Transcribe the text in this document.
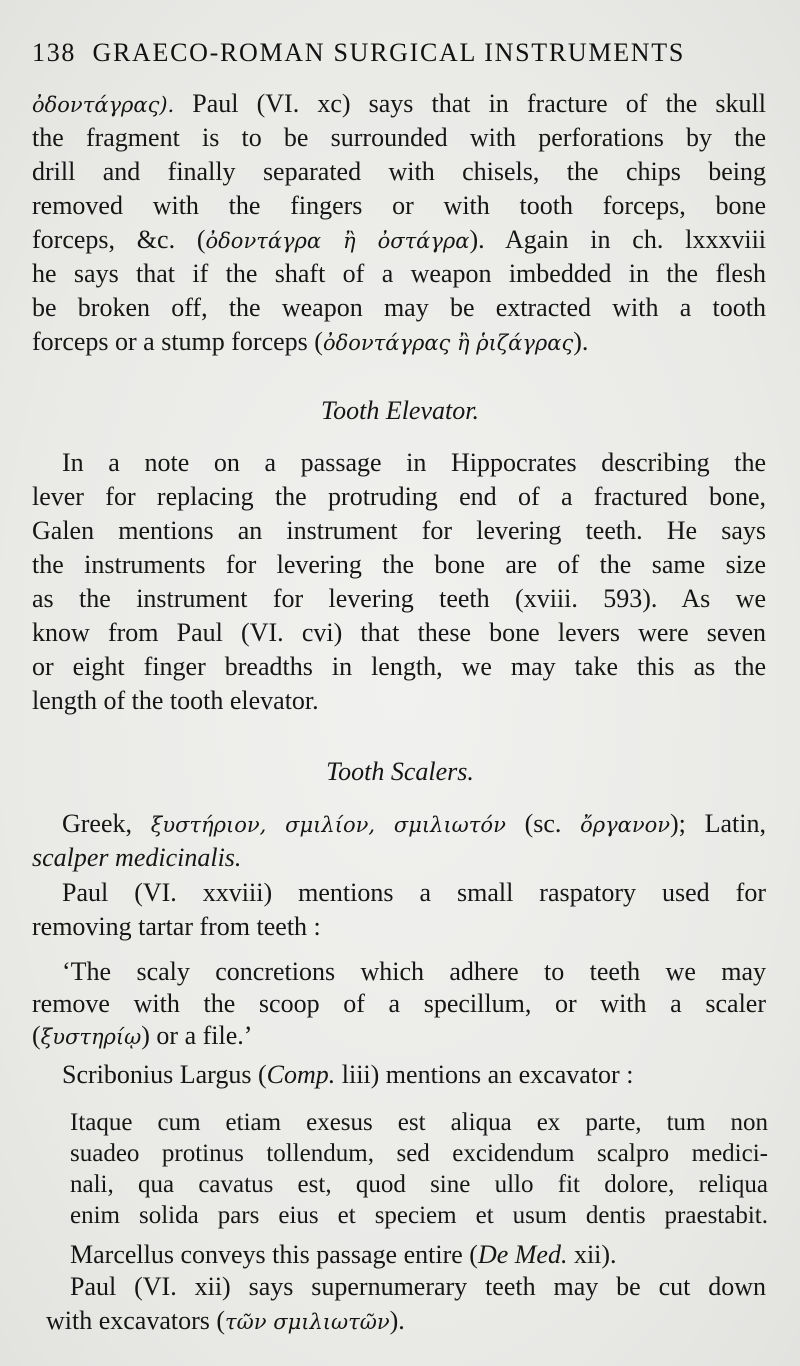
138 GRAECO-ROMAN SURGICAL INSTRUMENTS
ὀδοντάγρας). Paul (VI. xc) says that in fracture of the skull
the fragment is to be surrounded with perforations by the
drill and finally separated with chisels, the chips being
removed with the fingers or with tooth forceps, bone
forceps, &c. (ὀδοντάγρα ἢ ὀστάγρα). Again in ch. lxxxviii
he says that if the shaft of a weapon imbedded in the flesh
be broken off, the weapon may be extracted with a tooth
forceps or a stump forceps (ὀδοντάγρας ἢ ῥιζάγρας).
Tooth Elevator.
In a note on a passage in Hippocrates describing the
lever for replacing the protruding end of a fractured bone,
Galen mentions an instrument for levering teeth. He says
the instruments for levering the bone are of the same size
as the instrument for levering teeth (xviii. 593). As we
know from Paul (VI. cvi) that these bone levers were seven
or eight finger breadths in length, we may take this as the
length of the tooth elevator.
Tooth Scalers.
Greek, ξυστήριον, σμιλίον, σμιλιωτόν (sc. ὄργανον); Latin,
scalper medicinalis.
Paul (VI. xxviii) mentions a small raspatory used for
removing tartar from teeth :
‘The scaly concretions which adhere to teeth we may
remove with the scoop of a specillum, or with a scaler
(ξυστηρίῳ) or a file.’
Scribonius Largus (Comp. liii) mentions an excavator :
Itaque cum etiam exesus est aliqua ex parte, tum non
suadeo protinus tollendum, sed excidendum scalpro medici-
nali, qua cavatus est, quod sine ullo fit dolore, reliqua
enim solida pars eius et speciem et usum dentis praestabit.
Marcellus conveys this passage entire (De Med. xii).
Paul (VI. xii) says supernumerary teeth may be cut down
with excavators (τῶν σμιλιωτῶν).
